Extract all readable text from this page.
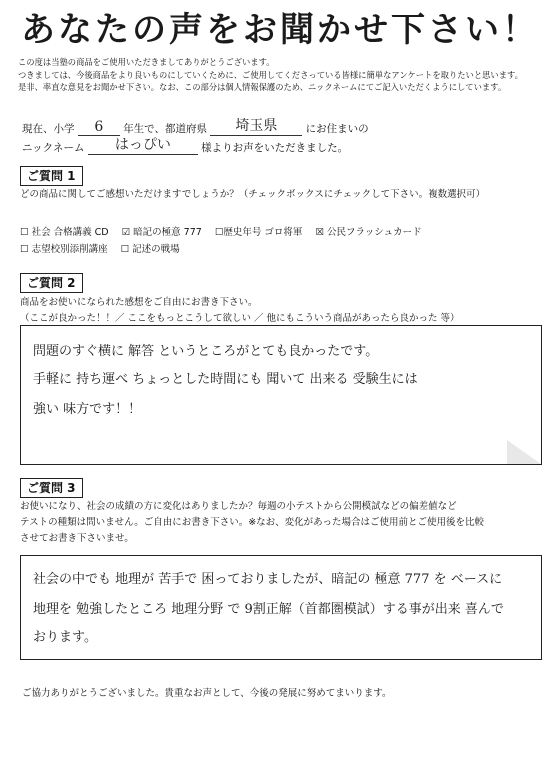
あなたの声をお聞かせ下さい！
この度は当塾の商品をご使用いただきましてありがとうございます。
つきましては、今後商品をより良いものにしていくために、ご使用してくださっている皆様に簡単なアンケートを取りたいと思います。
是非、率直な意見をお聞かせ下さい。なお、この部分は個人情報保護のため、ニックネームにてご記入いただくようにしています。
現在、小学 6 年生で、都道府県 埼玉県	にお住まいの
ニックネーム はっぴい	様よりお声をいただきました。
ご質問 1
どの商品に関してご感想いただけますでしょうか？（チェックボックスにチェックして下さい。複数選択可）
☐ 社会 合格講義 CD ☑ 暗記の極意 777 ☐歴史年号 ゴロ将軍 ☒ 公民フラッシュカード
☐ 志望校別添削講座 ☐ 記述の戦場
ご質問 2
商品をお使いになられた感想をご自由にお書き下さい。
（ここが良かった！！／ ここをもっとこうして欲しい ／ 他にもこういう商品があったら良かった 等）
問題のすぐ横に 解答 というところがとても良かったです。
手軽に 持ち運べ ちょっとした時間にも 聞いて 出来る 受験生には
強い 味方です！！
ご質問 3
お使いになり、社会の成績の方に変化はありましたか？毎週の小テストから公開模試などの偏差値など
テストの種類は問いません。ご自由にお書き下さい。※なお、変化があった場合はご使用前とご使用後を比較
させてお書き下さいませ。
社会の中でも 地理が 苦手で 困っておりましたが、暗記の 極意 777 を ベースに
地理を 勉強したところ 地理分野 で 9割正解（首都圏模試）する事が出来 喜んで
おります。
ご協力ありがとうございました。貴重なお声として、今後の発展に努めてまいります。
